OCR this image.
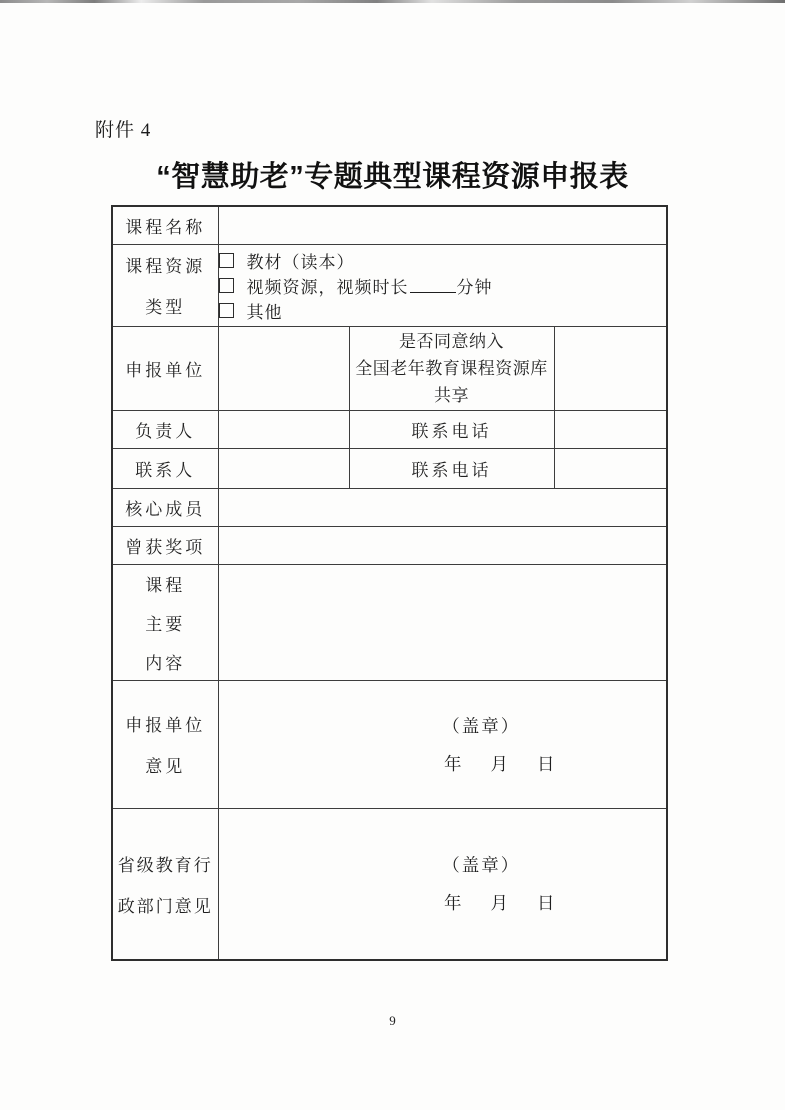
附件 4
“智慧助老”专题典型课程资源申报表
课程名称			

课程资源
类型

教材（读本）
视频资源，视频时长	分钟
其他

申报单位		是否同意纳入
全国老年教育课程资源库
共享	

负责人		联系电话	
联系人		联系电话	
核心成员			
曾获奖项			

课程
主要
内容			

申报单位
意见	（盖章）
年 月 日		

省级教育行
政部门意见	（盖章）
年 月 日		
9
